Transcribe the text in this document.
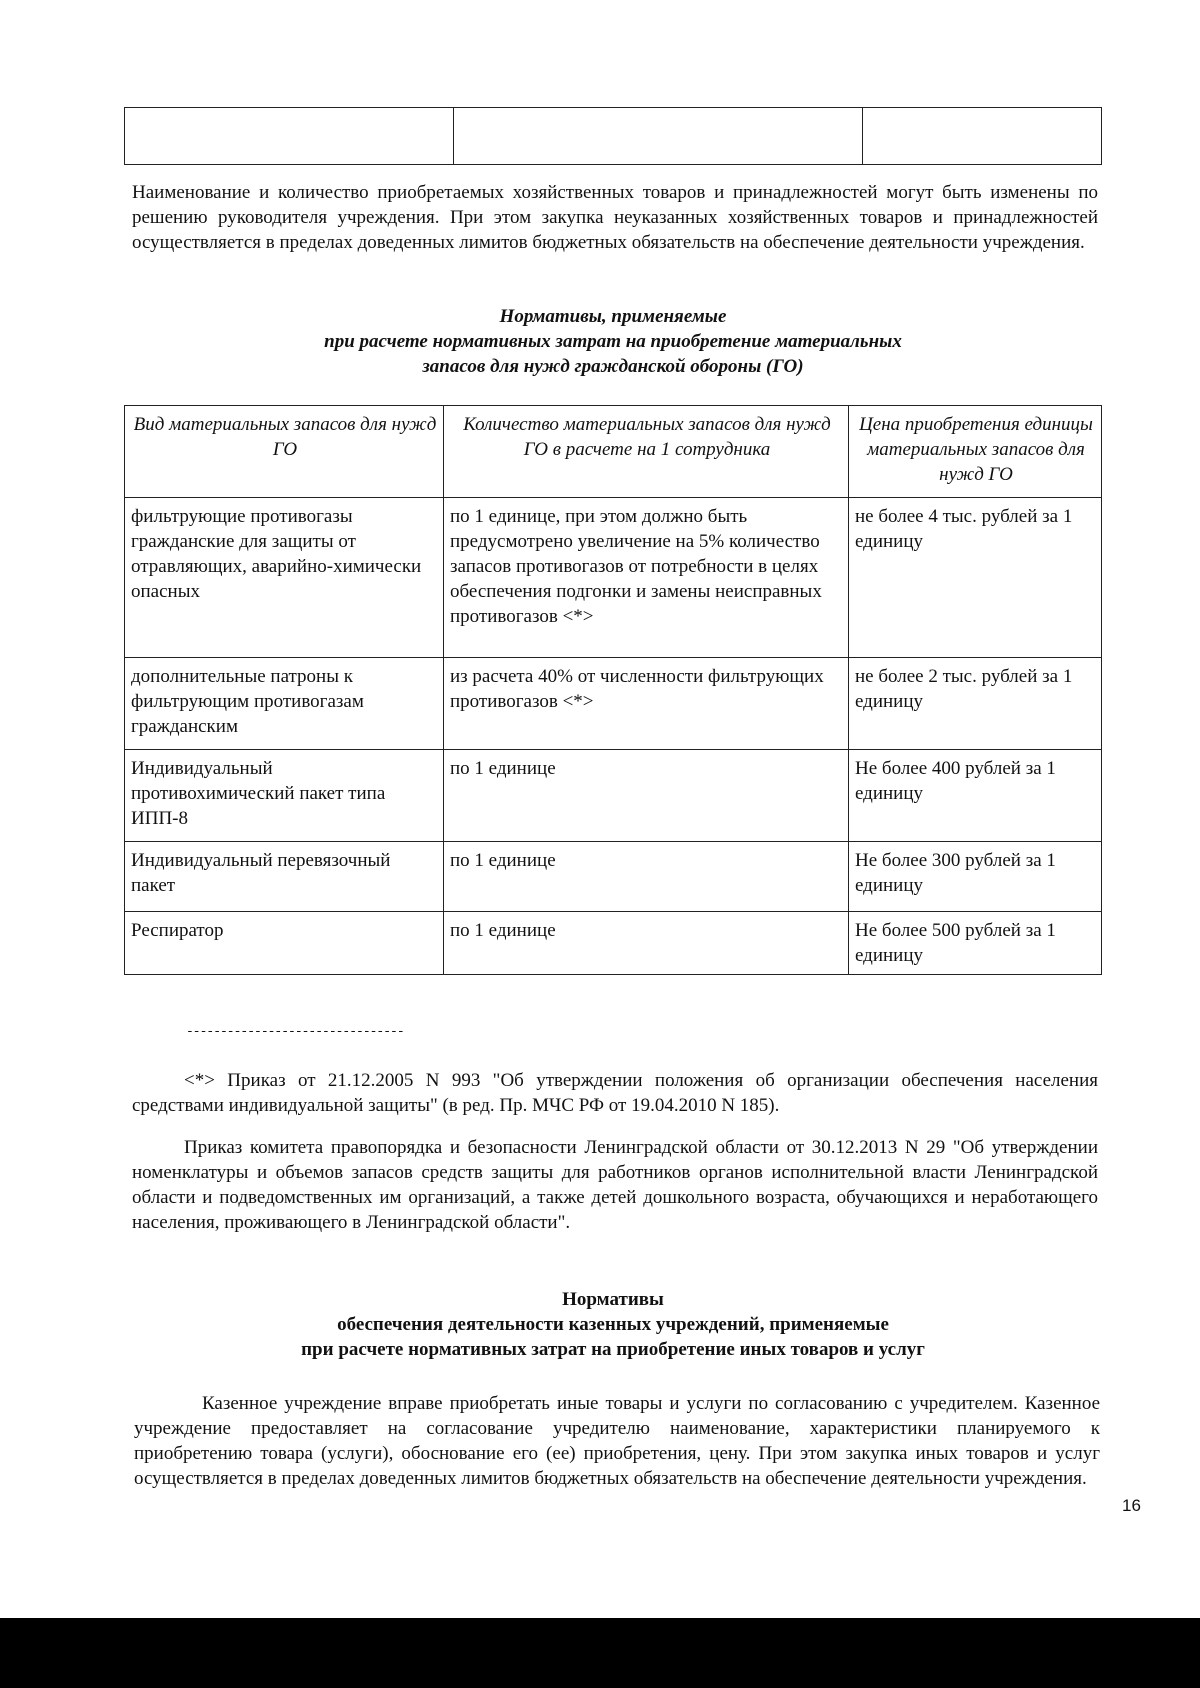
Наименование и количество приобретаемых хозяйственных товаров и принадлежностей могут быть изменены по решению руководителя учреждения. При этом закупка неуказанных хозяйственных товаров и принадлежностей осуществляется в пределах доведенных лимитов бюджетных обязательств на обеспечение деятельности учреждения.
Нормативы, применяемые
при расчете нормативных затрат на приобретение материальных
запасов для нужд гражданской обороны (ГО)
Вид материальных запасов для нужд ГО	Количество материальных запасов для нужд ГО в расчете на 1 сотрудника	Цена приобретения единицы материальных запасов для нужд ГО
фильтрующие противогазы гражданские для защиты от отравляющих, аварийно-химически опасных	по 1 единице, при этом должно быть предусмотрено увеличение на 5% количество запасов противогазов от потребности в целях обеспечения подгонки и замены неисправных противогазов <*>	не более 4 тыс. рублей за 1 единицу
дополнительные патроны к фильтрующим противогазам гражданским	из расчета 40% от численности фильтрующих противогазов <*>	не более 2 тыс. рублей за 1 единицу
Индивидуальный противохимический пакет типа ИПП-8	по 1 единице	Не более 400 рублей за 1 единицу
Индивидуальный перевязочный пакет	по 1 единице	Не более 300 рублей за 1 единицу
Респиратор	по 1 единице	Не более 500 рублей за 1 единицу
--------------------------------
<*> Приказ от 21.12.2005 N 993 "Об утверждении положения об организации обеспечения населения средствами индивидуальной защиты" (в ред. Пр. МЧС РФ от 19.04.2010 N 185).
Приказ комитета правопорядка и безопасности Ленинградской области от 30.12.2013 N 29 "Об утверждении номенклатуры и объемов запасов средств защиты для работников органов исполнительной власти Ленинградской области и подведомственных им организаций, а также детей дошкольного возраста, обучающихся и неработающего населения, проживающего в Ленинградской области".
Нормативы
обеспечения деятельности казенных учреждений, применяемые
при расчете нормативных затрат на приобретение иных товаров и услуг
Казенное учреждение вправе приобретать иные товары и услуги по согласованию с учредителем. Казенное учреждение предоставляет на согласование учредителю наименование, характеристики планируемого к приобретению товара (услуги), обоснование его (ее) приобретения, цену. При этом закупка иных товаров и услуг осуществляется в пределах доведенных лимитов бюджетных обязательств на обеспечение деятельности учреждения.
16
